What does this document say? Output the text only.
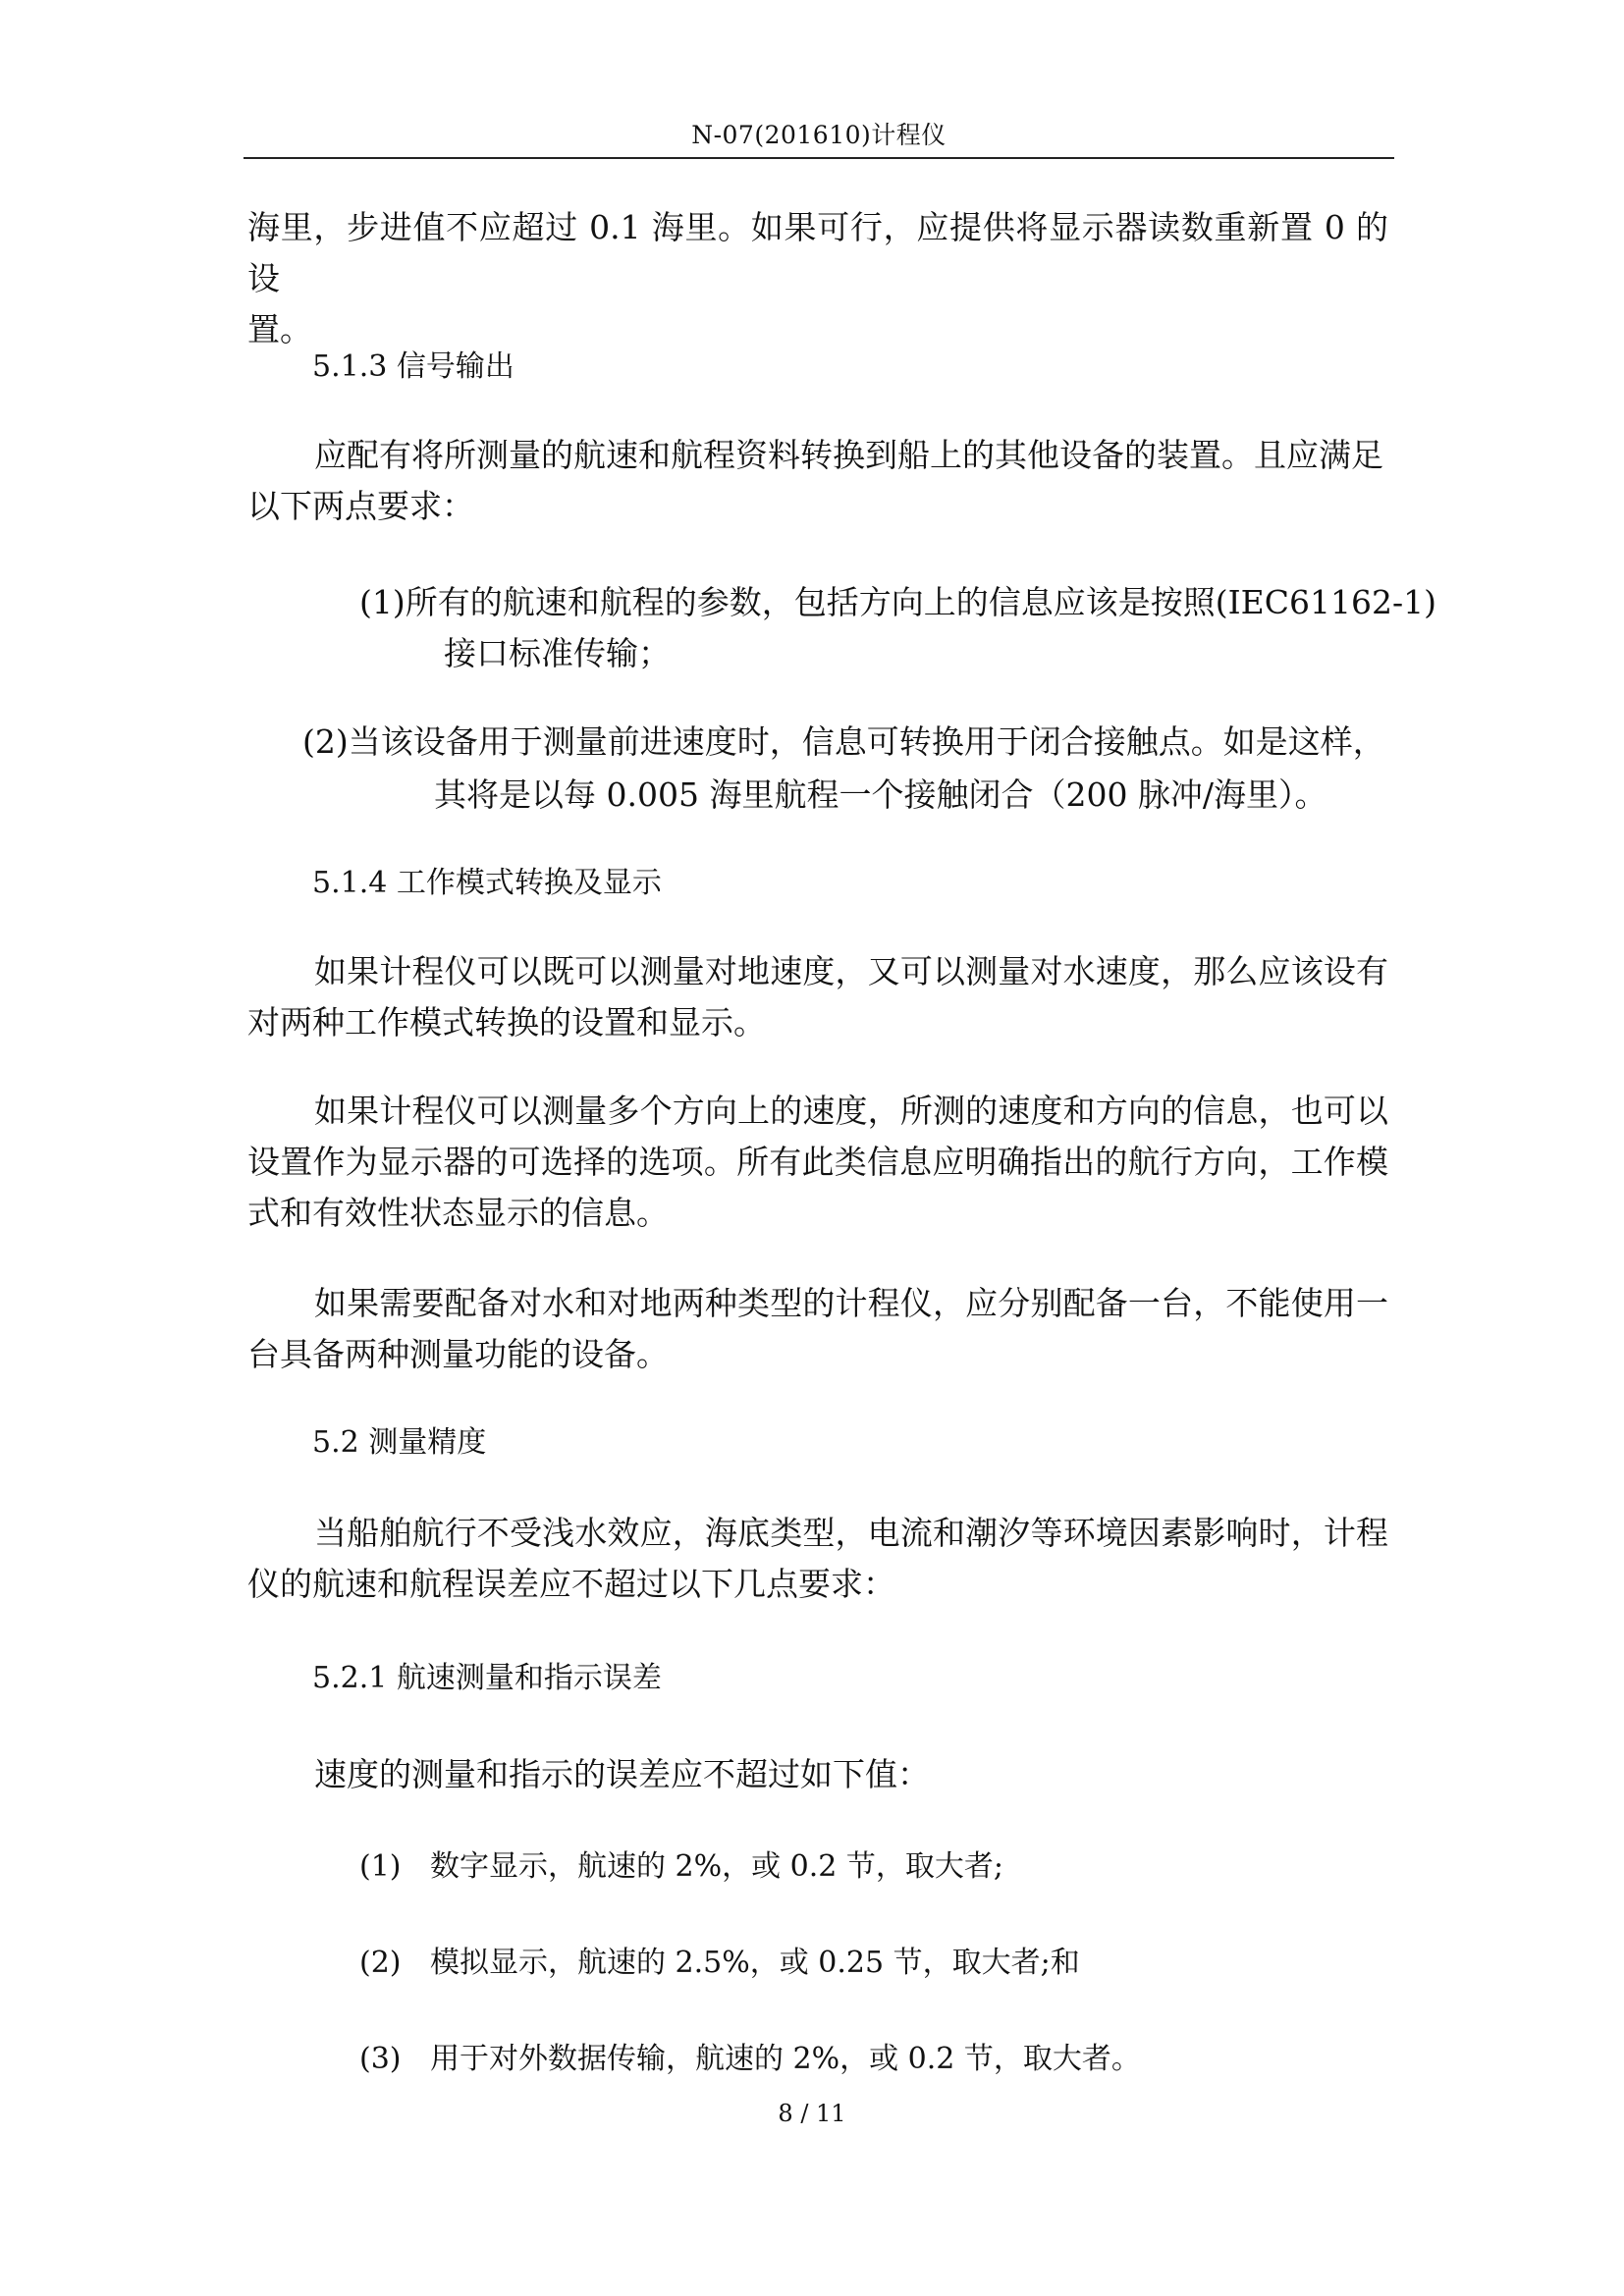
N-07(201610)计程仪
海里，步进值不应超过 0.1 海里。如果可行，应提供将显示器读数重新置 0 的设
置。
5.1.3 信号输出
应配有将所测量的航速和航程资料转换到船上的其他设备的装置。且应满足
以下两点要求：
(1)所有的航速和航程的参数，包括方向上的信息应该是按照(IEC61162-1)
接口标准传输；
(2)当该设备用于测量前进速度时，信息可转换用于闭合接触点。如是这样，
其将是以每 0.005 海里航程一个接触闭合（200 脉冲/海里）。
5.1.4 工作模式转换及显示
如果计程仪可以既可以测量对地速度，又可以测量对水速度，那么应该设有对两种工作模式转换的设置和显示。
如果计程仪可以测量多个方向上的速度，所测的速度和方向的信息，也可以设置作为显示器的可选择的选项。所有此类信息应明确指出的航行方向，工作模式和有效性状态显示的信息。
如果需要配备对水和对地两种类型的计程仪，应分别配备一台，不能使用一台具备两种测量功能的设备。
5.2 测量精度
当船舶航行不受浅水效应，海底类型，电流和潮汐等环境因素影响时，计程仪的航速和航程误差应不超过以下几点要求：
5.2.1 航速测量和指示误差
速度的测量和指示的误差应不超过如下值：
(1) 数字显示，航速的 2%，或 0.2 节，取大者;
(2) 模拟显示，航速的 2.5%，或 0.25 节，取大者;和
(3) 用于对外数据传输，航速的 2%，或 0.2 节，取大者。
8 / 11
